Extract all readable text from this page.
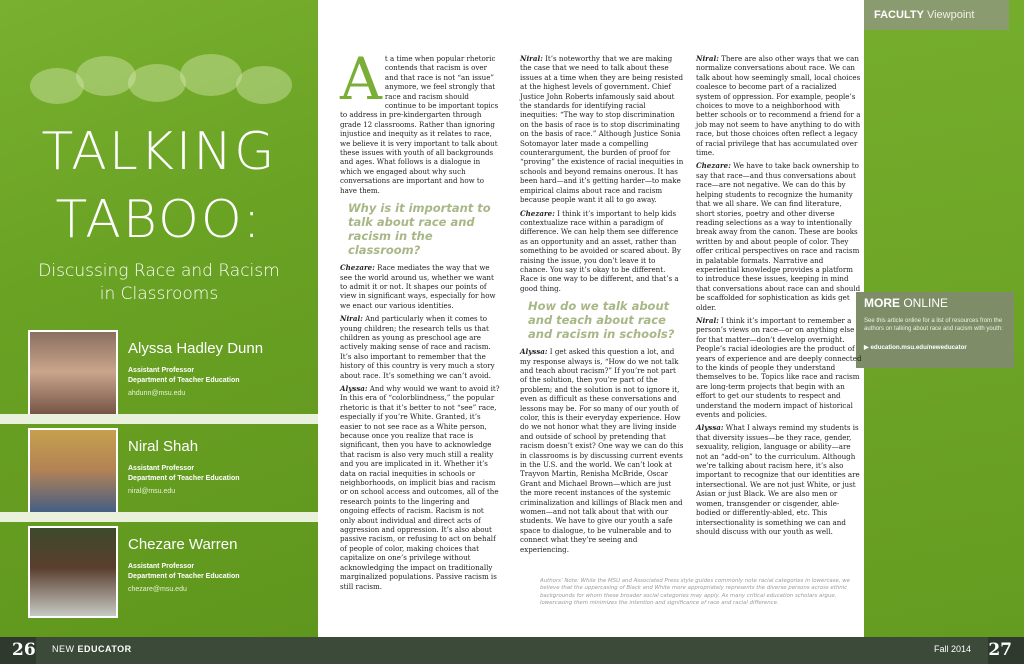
TALKING
TABOO:
Discussing Race and Racism
in Classrooms
Alyssa Hadley Dunn
Assistant Professor
Department of Teacher Education
ahdunn@msu.edu
Niral Shah
Assistant Professor
Department of Teacher Education
niral@msu.edu
Chezare Warren
Assistant Professor
Department of Teacher Education
chezare@msu.edu
FACULTY Viewpoint
MORE ONLINE
See this article online for a list of resources from the authors on talking about race and racism with youth:
▶ education.msu.edu/neweducator

At a time when popular rhetoric contends that racism is over and that race is not “an issue” anymore, we feel strongly that race and racism should continue to be important topics to address in pre-kindergarten through grade 12 classrooms. Rather than ignoring injustice and inequity as it relates to race, we believe it is very important to talk about these issues with youth of all backgrounds and ages. What follows is a dialogue in which we engaged about why such conversations are important and how to have them.

Why is it important to talk about race and racism in the classroom?

Chezare: Race mediates the way that we see the world around us, whether we want to admit it or not. It shapes our points of view in significant ways, especially for how we enact our various identities.

Niral: And particularly when it comes to young children; the research tells us that children as young as preschool age are actively making sense of race and racism. It’s also important to remember that the history of this country is very much a story about race. It’s something we can’t avoid.

Alyssa: And why would we want to avoid it? In this era of “colorblindness,” the popular rhetoric is that it’s better to not “see” race, especially if you’re White. Granted, it’s easier to not see race as a White person, because once you realize that race is significant, then you have to acknowledge that racism is also very much still a reality and you are implicated in it. Whether it’s data on racial inequities in schools or neighborhoods, on implicit bias and racism or on school access and outcomes, all of the research points to the lingering and ongoing effects of racism. Racism is not only about individual and direct acts of aggression and oppression. It’s also about passive racism, or refusing to act on behalf of people of color, making choices that capitalize on one’s privilege without acknowledging the impact on traditionally marginalized populations. Passive racism is still racism.

Niral: It’s noteworthy that we are making the case that we need to talk about these issues at a time when they are being resisted at the highest levels of government. Chief Justice John Roberts infamously said about the standards for identifying racial inequities: “The way to stop discrimination on the basis of race is to stop discriminating on the basis of race.” Although Justice Sonia Sotomayor later made a compelling counterargument, the burden of proof for “proving” the existence of racial inequities in schools and beyond remains onerous. It has been hard—and it’s getting harder—to make empirical claims about race and racism because people want it all to go away.

Chezare: I think it’s important to help kids contextualize race within a paradigm of difference. We can help them see difference as an opportunity and an asset, rather than something to be avoided or scared about. By raising the issue, you don’t leave it to chance. You say it’s okay to be different. Race is one way to be different, and that’s a good thing.

How do we talk about and teach about race and racism in schools?

Alyssa: I get asked this question a lot, and my response always is, “How do we not talk and teach about racism?” If you’re not part of the solution, then you’re part of the problem; and the solution is not to ignore it, even as difficult as these conversations and lessons may be. For so many of our youth of color, this is their everyday experience. How do we not honor what they are living inside and outside of school by pretending that racism doesn’t exist? One way we can do this in classrooms is by discussing current events in the U.S. and the world. We can’t look at Trayvon Martin, Renisha McBride, Oscar Grant and Michael Brown—which are just the more recent instances of the systemic criminalization and killings of Black men and women—and not talk about that with our students. We have to give our youth a safe space to dialogue, to be vulnerable and to connect what they’re seeing and experiencing.

Niral: There are also other ways that we can normalize conversations about race. We can talk about how seemingly small, local choices coalesce to become part of a racialized system of oppression. For example, people’s choices to move to a neighborhood with better schools or to recommend a friend for a job may not seem to have anything to do with race, but those choices often reflect a legacy of racial privilege that has accumulated over time.

Chezare: We have to take back ownership to say that race—and thus conversations about race—are not negative. We can do this by helping students to recognize the humanity that we all share. We can find literature, short stories, poetry and other diverse reading selections as a way to intentionally break away from the canon. These are books written by and about people of color. They offer critical perspectives on race and racism in palatable formats. Narrative and experiential knowledge provides a platform to introduce these issues, keeping in mind that conversations about race can and should be scaffolded for sophistication as kids get older.

Niral: I think it’s important to remember a person’s views on race—or on anything else for that matter—don’t develop overnight. People’s racial ideologies are the product of years of experience and are deeply connected to the kinds of people they understand themselves to be. Topics like race and racism are long-term projects that begin with an effort to get our students to respect and understand the modern impact of historical events and policies.

Alyssa: What I always remind my students is that diversity issues—be they race, gender, sexuality, religion, language or ability—are not an “add-on” to the curriculum. Although we’re talking about racism here, it’s also important to recognize that our identities are intersectional. We are not just White, or just Asian or just Black. We are also men or women, transgender or cisgender, able-bodied or differently-abled, etc. This intersectionality is something we can and should discuss with our youth as well.

Authors’ Note: While the MSU and Associated Press style guides commonly note racial categories in lowercase, we believe that the uppercasing of Black and White more appropriately represents the diverse persons across ethnic backgrounds for whom these broader social categories may apply. As many critical education scholars argue, lowercasing them minimizes the intention and significance of race and racial difference.
26 NEW EDUCATOR	Fall 2014 27
